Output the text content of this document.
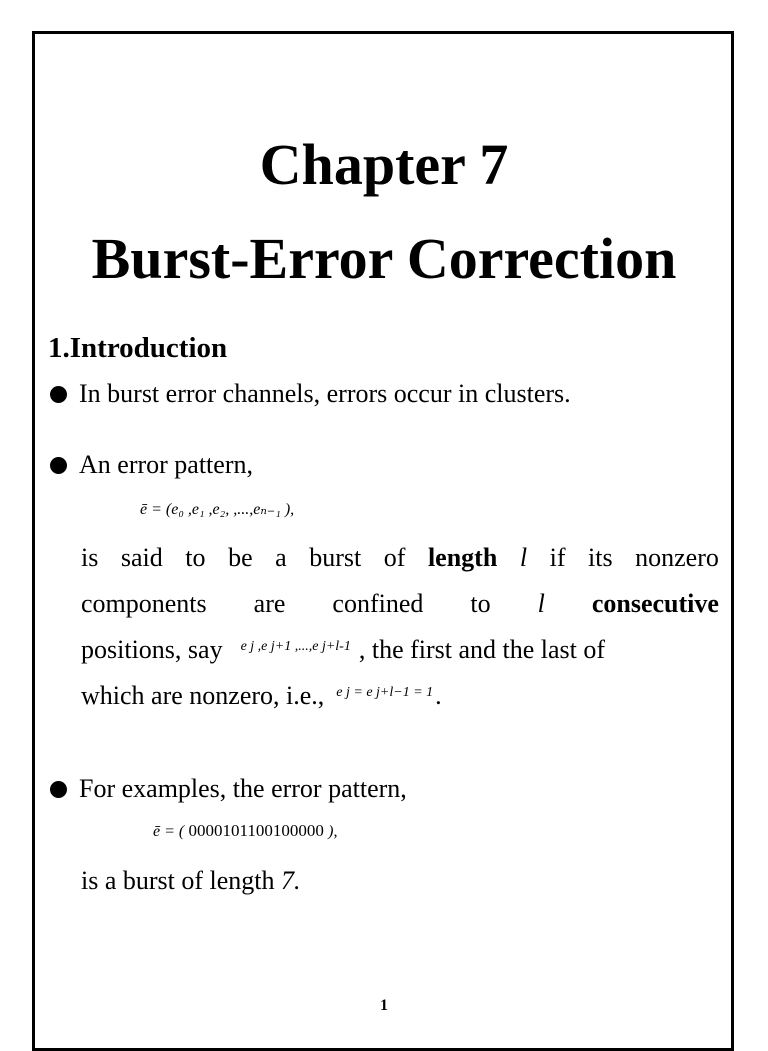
Chapter 7
Burst-Error Correction
1.Introduction
In burst error channels, errors occur in clusters.
An error pattern,
ē = (e₀ ,e₁ ,e₂, ,...,eₙ₋₁ ),
is said to be a burst of length l if its nonzero
components are confined to l consecutive
positions, say e j ,e j+1 ,...,e j+l-1 , the first and the last of
which are nonzero, i.e., e j = e j+l−1 = 1 .
For examples, the error pattern,
ē = ( 0000101100100000 ),
is a burst of length 7.
1
